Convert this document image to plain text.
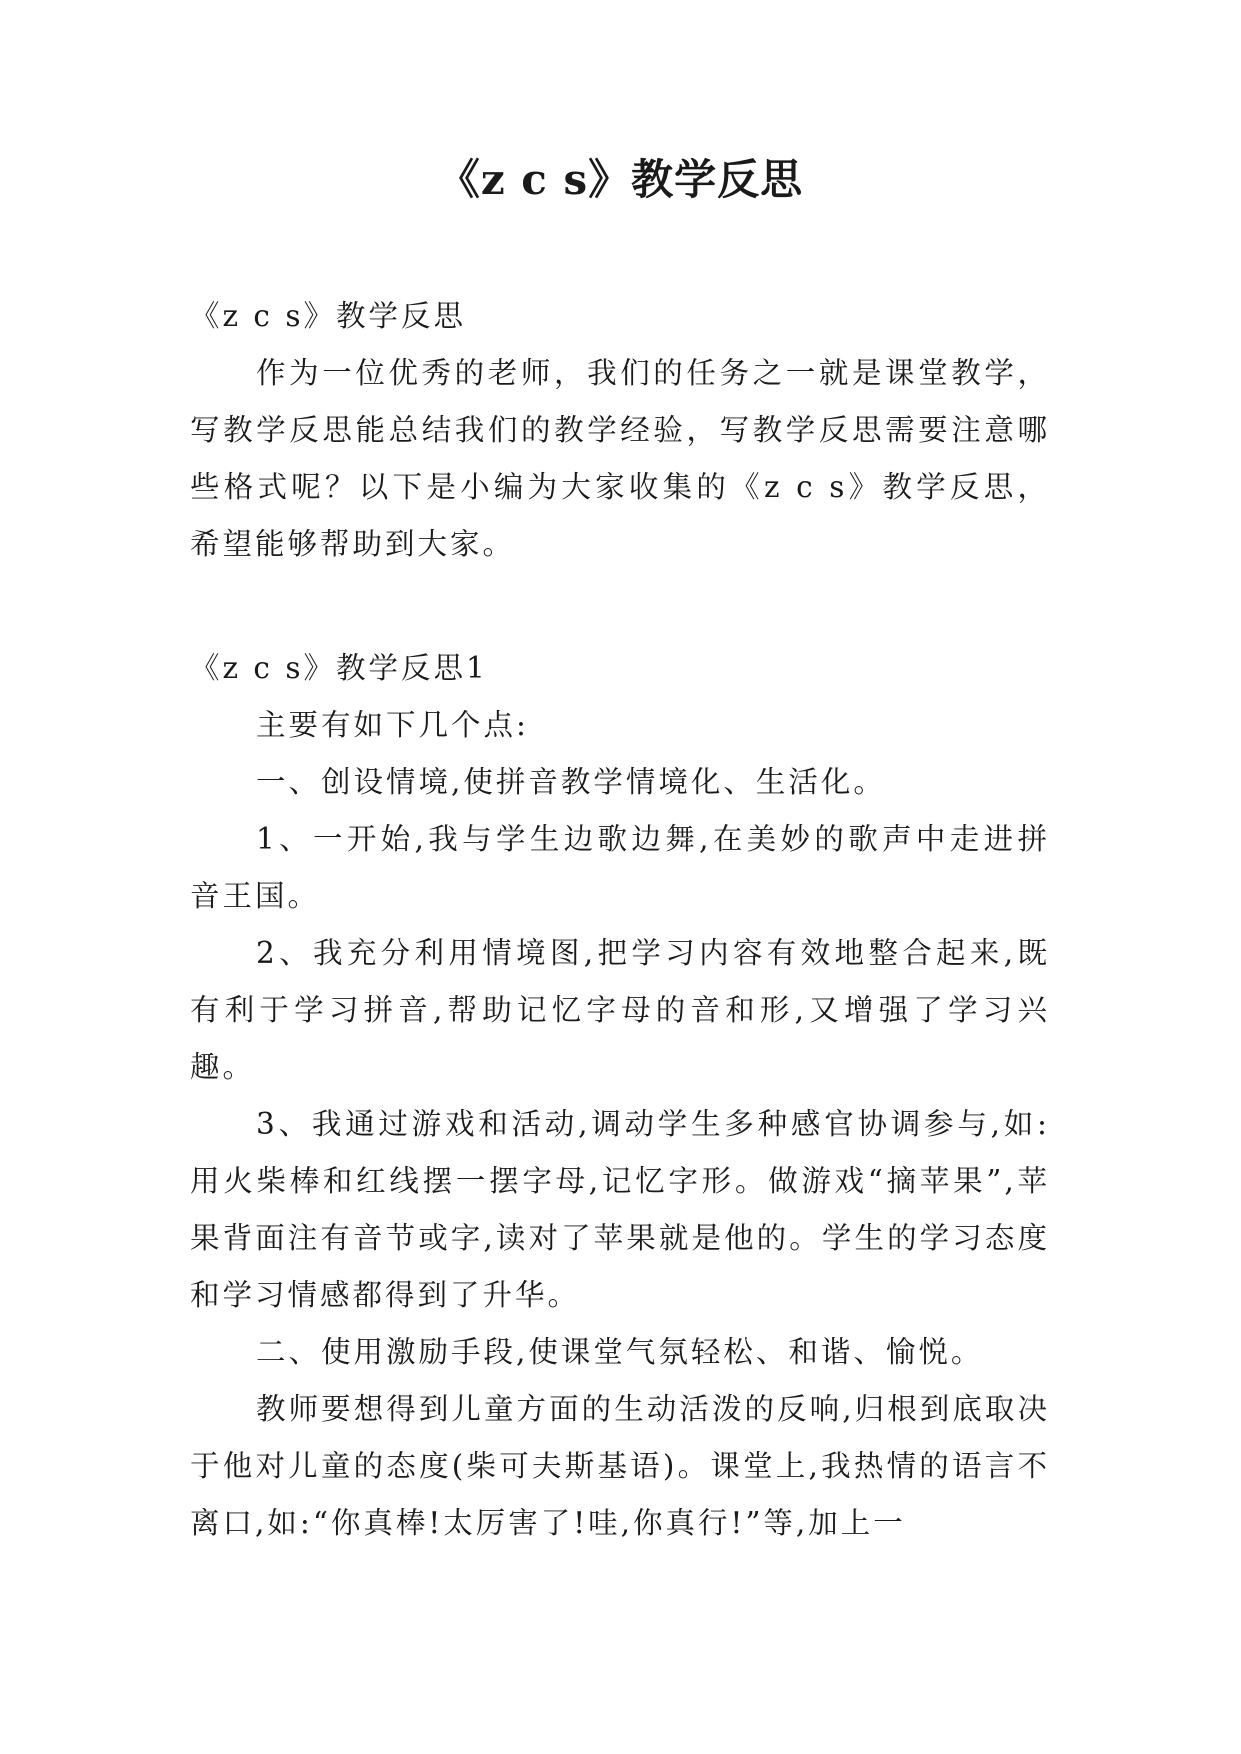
《z c s》教学反思

《z c s》教学反思

作为一位优秀的老师，我们的任务之一就是课堂教学，写教学反思能总结我们的教学经验，写教学反思需要注意哪些格式呢？以下是小编为大家收集的《z c s》教学反思，希望能够帮助到大家。

《z c s》教学反思1

主要有如下几个点:

一、创设情境,使拼音教学情境化、生活化。

1、一开始,我与学生边歌边舞,在美妙的歌声中走进拼音王国。

2、我充分利用情境图,把学习内容有效地整合起来,既有利于学习拼音,帮助记忆字母的音和形,又增强了学习兴趣。

3、我通过游戏和活动,调动学生多种感官协调参与,如:用火柴棒和红线摆一摆字母,记忆字形。做游戏“摘苹果”,苹果背面注有音节或字,读对了苹果就是他的。学生的学习态度和学习情感都得到了升华。

二、使用激励手段,使课堂气氛轻松、和谐、愉悦。

教师要想得到儿童方面的生动活泼的反响,归根到底取决于他对儿童的态度(柴可夫斯基语)。课堂上,我热情的语言不离口,如:“你真棒!太厉害了!哇,你真行!”等,加上一
